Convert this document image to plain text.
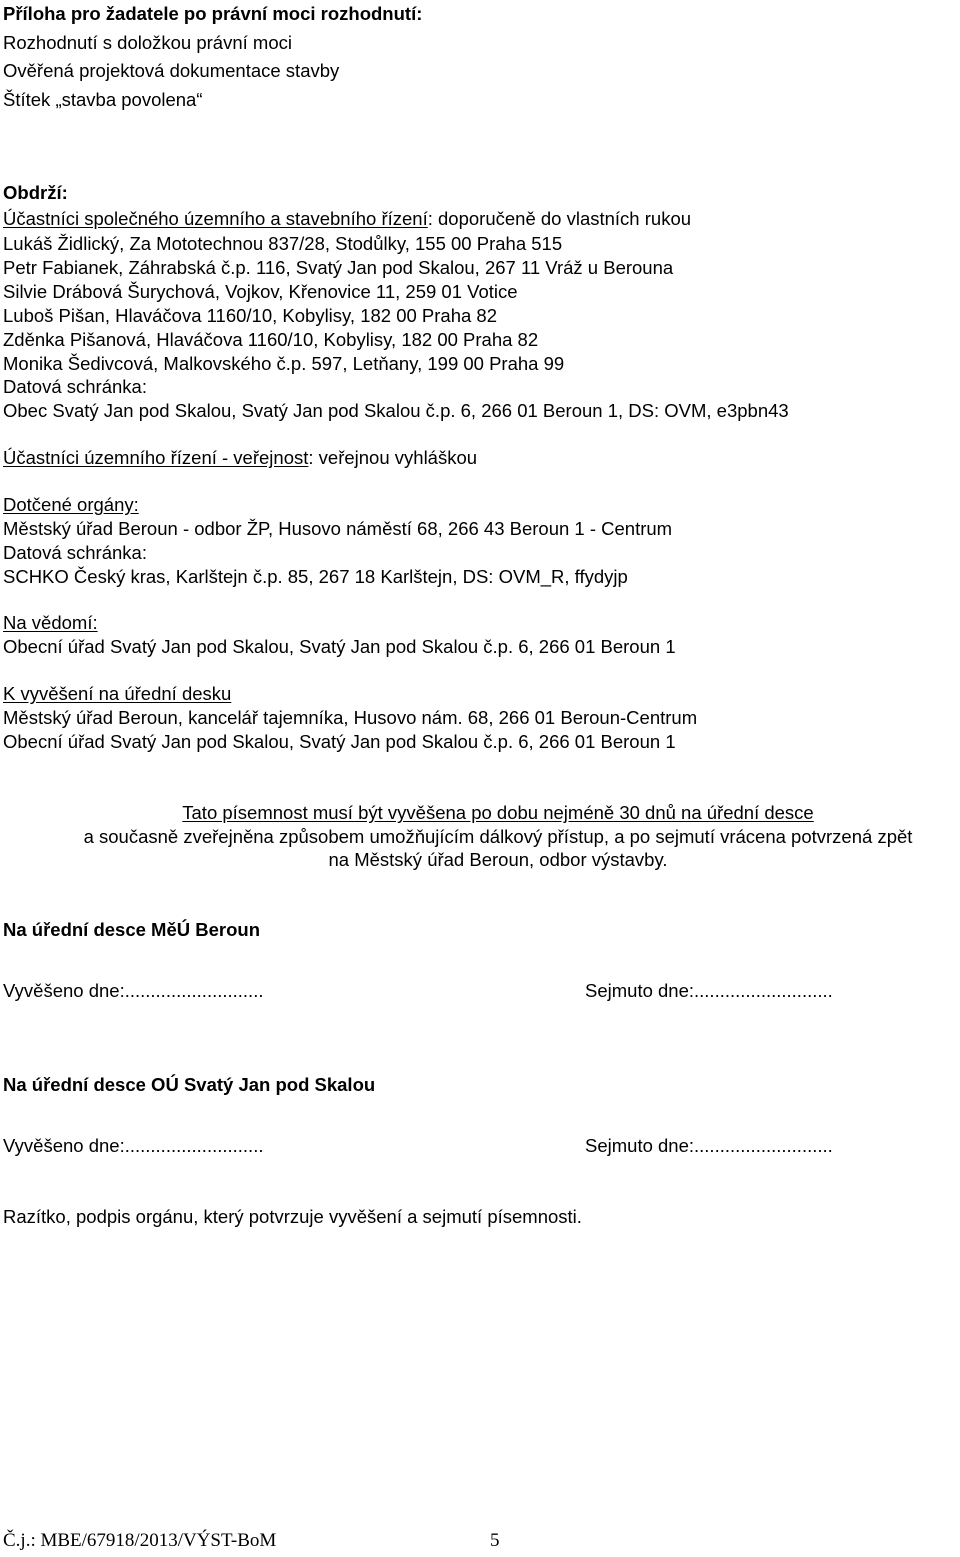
Příloha pro žadatele po právní moci rozhodnutí:
Rozhodnutí s doložkou právní moci
Ověřená projektová dokumentace stavby
Štítek „stavba povolena“
Obdrží:
Účastníci společného územního a stavebního řízení: doporučeně do vlastních rukou
Lukáš Židlický, Za Mototechnou 837/28, Stodůlky, 155 00 Praha 515
Petr Fabianek, Záhrabská č.p. 116, Svatý Jan pod Skalou, 267 11 Vráž u Berouna
Silvie Drábová Šurychová, Vojkov, Křenovice 11, 259 01 Votice
Luboš Pišan, Hlaváčova 1160/10, Kobylisy, 182 00 Praha 82
Zděnka Pišanová, Hlaváčova 1160/10, Kobylisy, 182 00 Praha 82
Monika Šedivcová, Malkovského č.p. 597, Letňany, 199 00 Praha 99
Datová schránka:
Obec Svatý Jan pod Skalou, Svatý Jan pod Skalou č.p. 6, 266 01 Beroun 1, DS: OVM, e3pbn43
Účastníci územního řízení - veřejnost: veřejnou vyhláškou
Dotčené orgány:
Městský úřad Beroun - odbor ŽP, Husovo náměstí 68, 266 43 Beroun 1 - Centrum
Datová schránka:
SCHKO Český kras, Karlštejn č.p. 85, 267 18 Karlštejn, DS: OVM_R, ffydyjp
Na vědomí:
Obecní úřad Svatý Jan pod Skalou, Svatý Jan pod Skalou č.p. 6, 266 01 Beroun 1
K vyvěšení na úřední desku
Městský úřad Beroun, kancelář tajemníka, Husovo nám. 68, 266 01 Beroun-Centrum
Obecní úřad Svatý Jan pod Skalou, Svatý Jan pod Skalou č.p. 6, 266 01 Beroun 1
Tato písemnost musí být vyvěšena po dobu nejméně 30 dnů na úřední desce
a současně zveřejněna způsobem umožňujícím dálkový přístup, a po sejmutí vrácena potvrzená zpět
na Městský úřad Beroun, odbor výstavby.
Na úřední desce MěÚ Beroun
Vyvěšeno dne:...........................	Sejmuto dne:...........................
Na úřední desce OÚ Svatý Jan pod Skalou
Vyvěšeno dne:...........................	Sejmuto dne:...........................
Razítko, podpis orgánu, který potvrzuje vyvěšení a sejmutí písemnosti.
Č.j.: MBE/67918/2013/VÝST-BoM	5
